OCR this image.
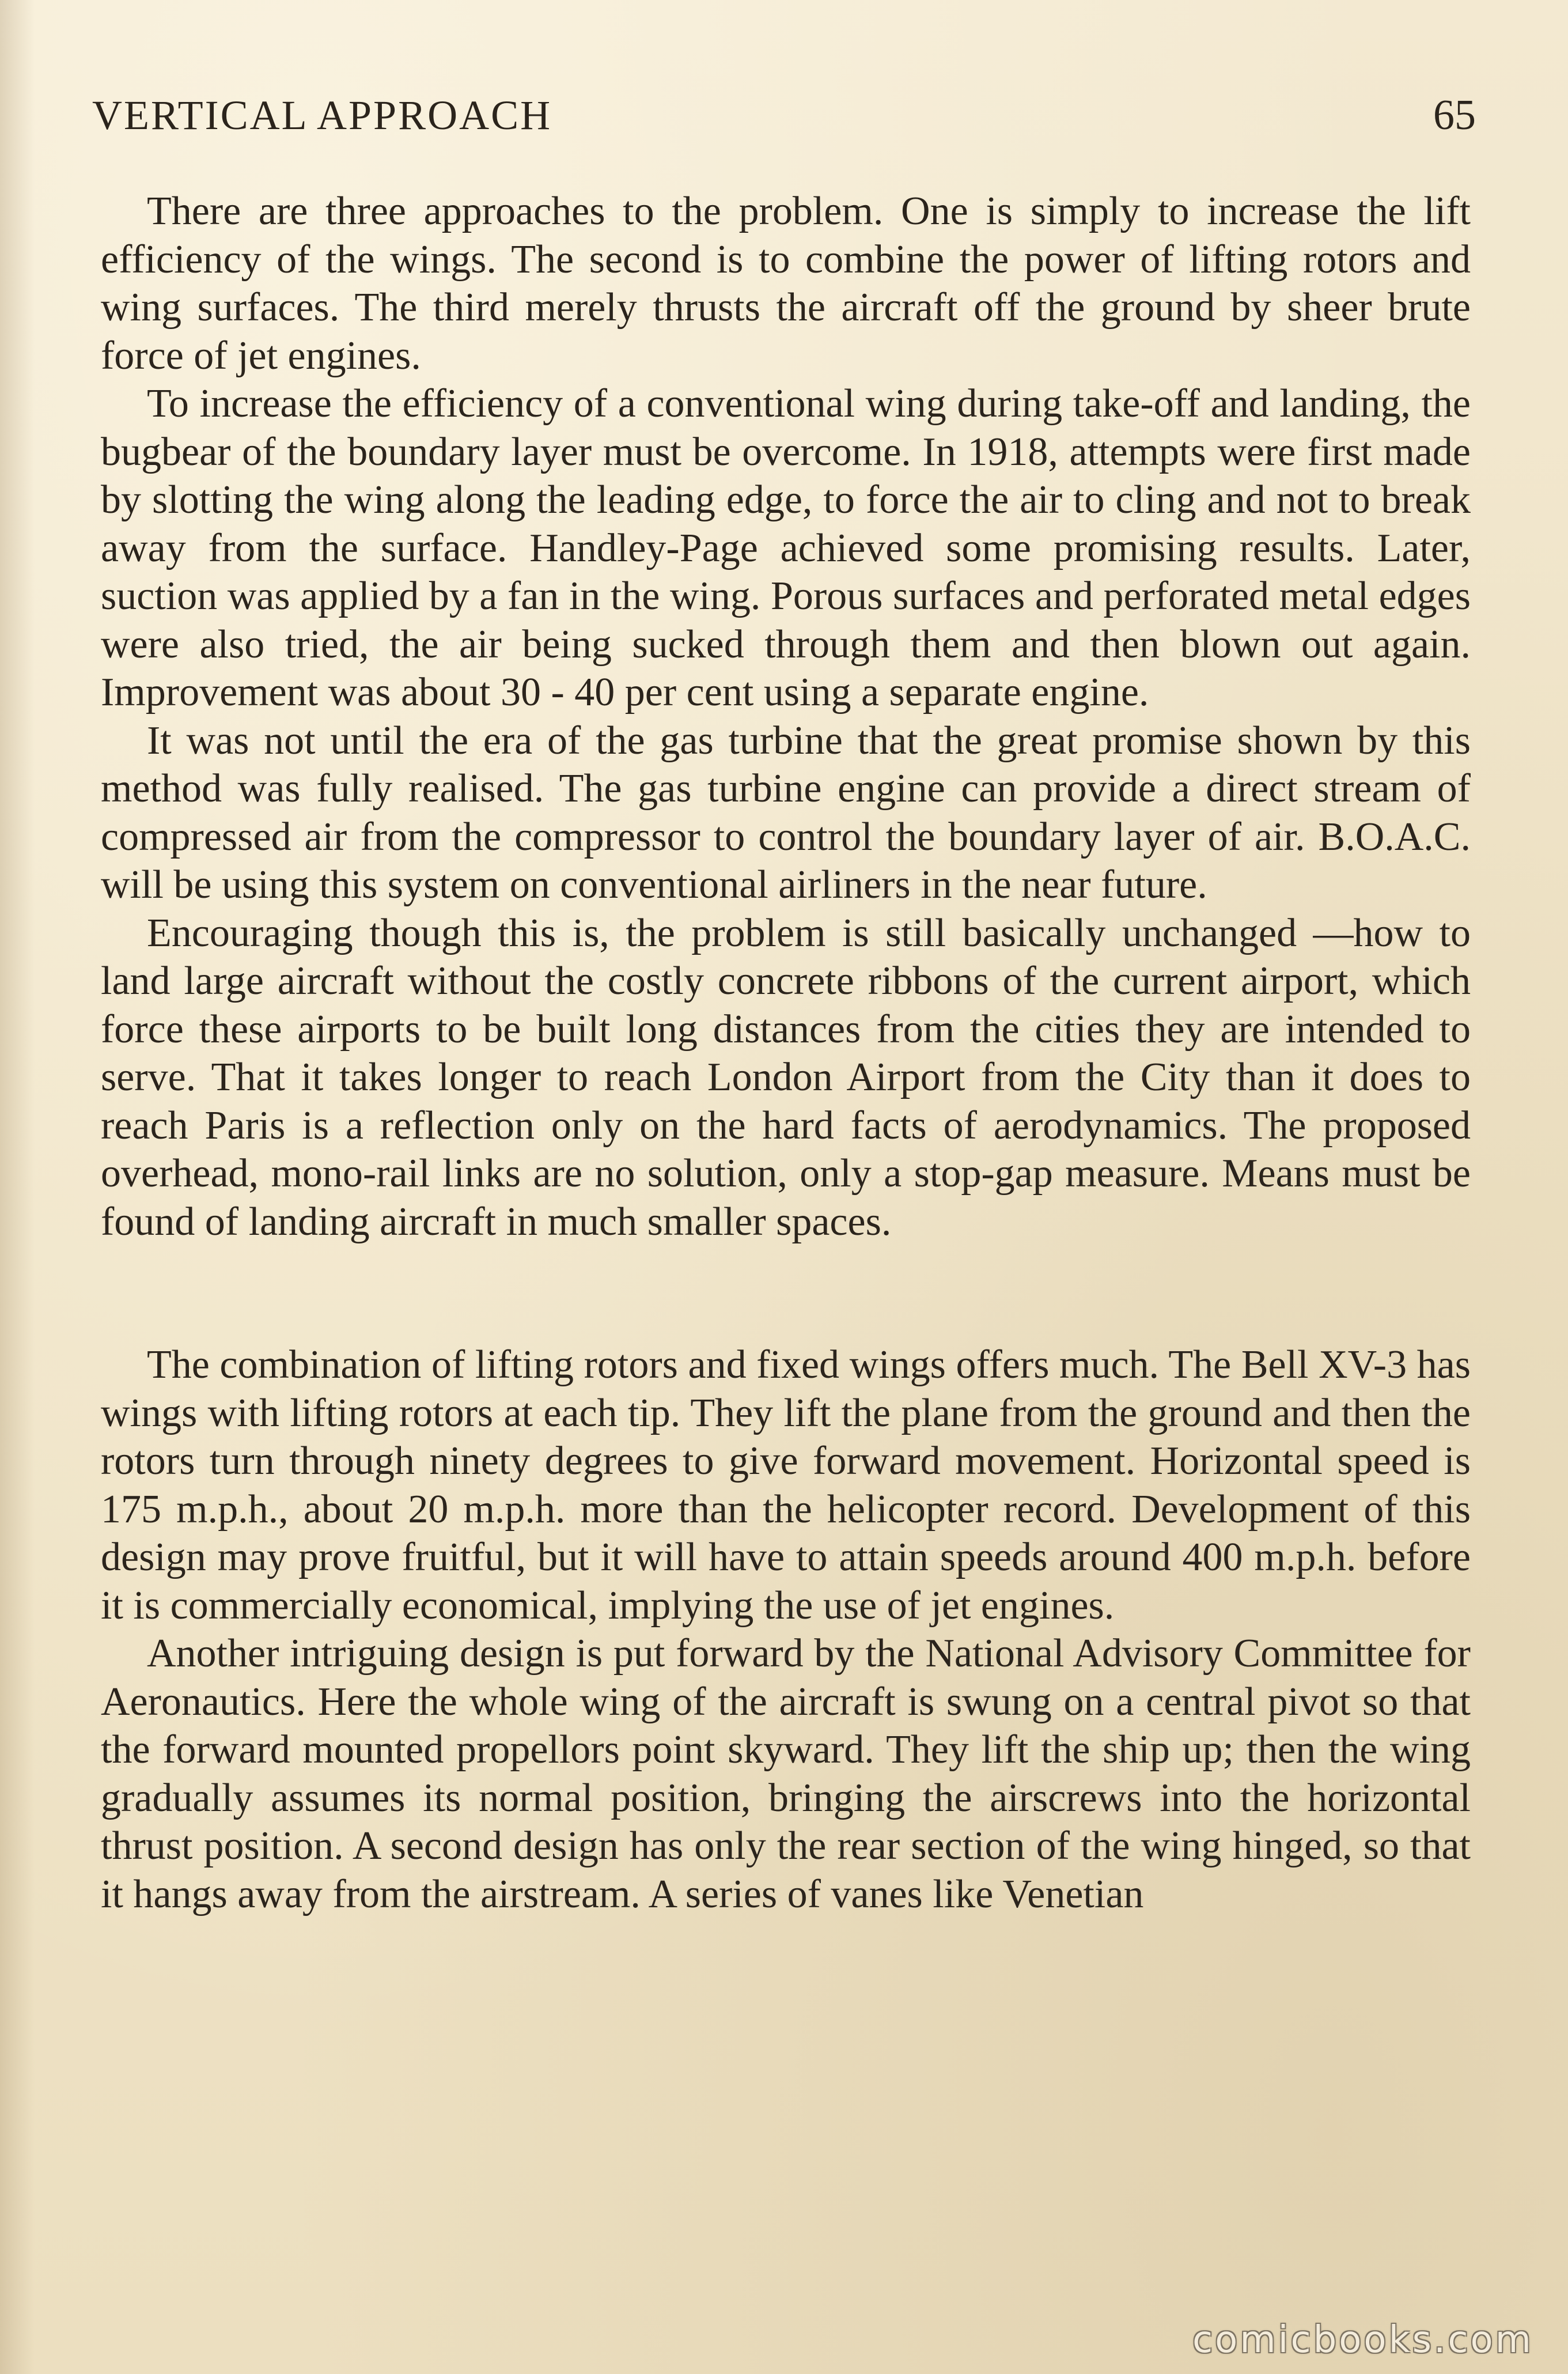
VERTICAL APPROACH	65

There are three approaches to the problem. One is simply to increase the lift efficiency of the wings. The second is to combine the power of lifting rotors and wing surfaces. The third merely thrusts the aircraft off the ground by sheer brute force of jet engines.

To increase the efficiency of a conventional wing during take-off and landing, the bugbear of the boundary layer must be overcome. In 1918, attempts were first made by slotting the wing along the leading edge, to force the air to cling and not to break away from the surface. Handley-Page achieved some promising results. Later, suction was applied by a fan in the wing. Porous surfaces and perforated metal edges were also tried, the air being sucked through them and then blown out again. Improvement was about 30 - 40 per cent using a separate engine.

It was not until the era of the gas turbine that the great promise shown by this method was fully realised. The gas turbine engine can provide a direct stream of compressed air from the compressor to control the boundary layer of air. B.O.A.C. will be using this system on conventional airliners in the near future.

Encouraging though this is, the problem is still basically unchanged —how to land large aircraft without the costly concrete ribbons of the current airport, which force these airports to be built long distances from the cities they are intended to serve. That it takes longer to reach London Airport from the City than it does to reach Paris is a reflection only on the hard facts of aerodynamics. The proposed overhead, mono-rail links are no solution, only a stop-gap measure. Means must be found of landing aircraft in much smaller spaces.

The combination of lifting rotors and fixed wings offers much. The Bell XV-3 has wings with lifting rotors at each tip. They lift the plane from the ground and then the rotors turn through ninety degrees to give forward movement. Horizontal speed is 175 m.p.h., about 20 m.p.h. more than the helicopter record. Development of this design may prove fruitful, but it will have to attain speeds around 400 m.p.h. before it is commercially economical, implying the use of jet engines.

Another intriguing design is put forward by the National Advisory Committee for Aeronautics. Here the whole wing of the aircraft is swung on a central pivot so that the forward mounted propellors point skyward. They lift the ship up; then the wing gradually assumes its normal position, bringing the airscrews into the horizontal thrust position. A second design has only the rear section of the wing hinged, so that it hangs away from the airstream. A series of vanes like Venetian

comicbooks.com
